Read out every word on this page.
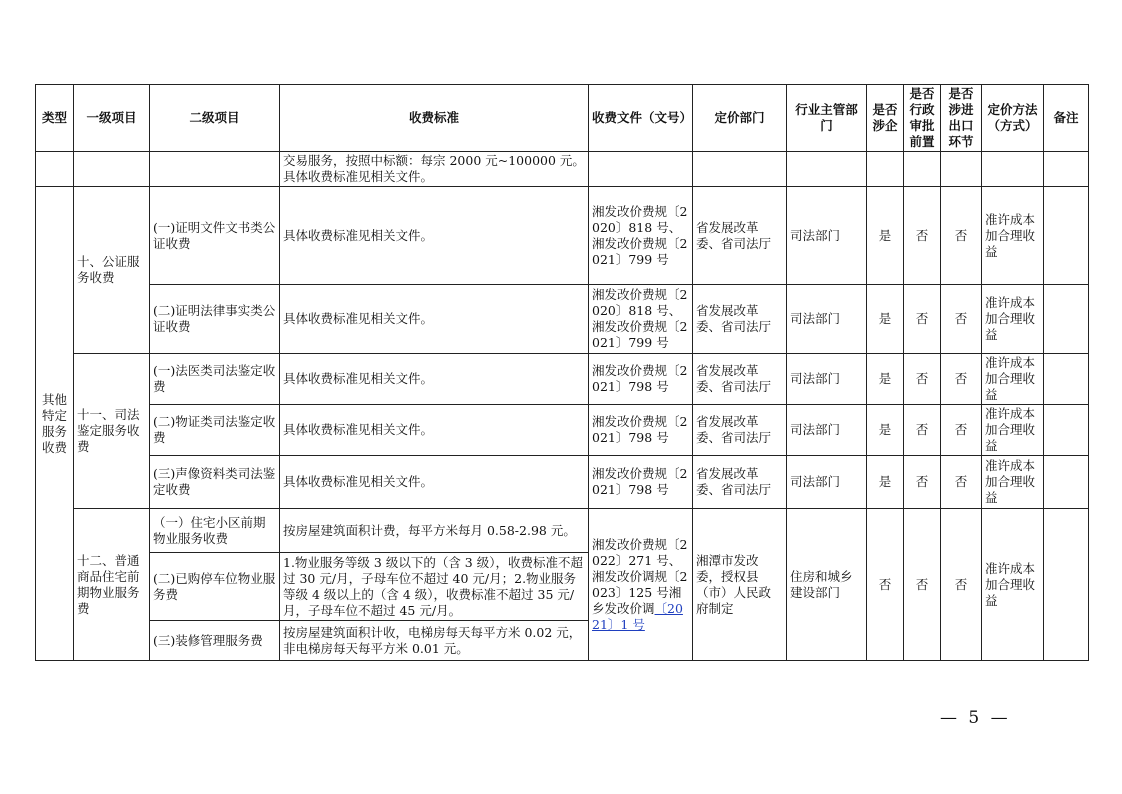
类型	一级项目	二级项目	收费标准	收费文件（文号）	定价部门	行业主管部门	是否涉企	是否行政审批前置	是否涉进出口环节	定价方法（方式）	备注
			交易服务，按照中标额：每宗 2000 元~100000 元。具体收费标准见相关文件。								
其他特定服务收费	十、公证服务收费	(一)证明文件文书类公证收费	具体收费标准见相关文件。	湘发改价费规〔2020〕818 号、湘发改价费规〔2021〕799 号	省发展改革委、省司法厅	司法部门	是	否	否	准许成本加合理收益	
		(二)证明法律事实类公证收费	具体收费标准见相关文件。	湘发改价费规〔2020〕818 号、湘发改价费规〔2021〕799 号	省发展改革委、省司法厅	司法部门	是	否	否	准许成本加合理收益	
	十一、司法鉴定服务收费	(一)法医类司法鉴定收费	具体收费标准见相关文件。	湘发改价费规〔2021〕798 号	省发展改革委、省司法厅	司法部门	是	否	否	准许成本加合理收益	
		(二)物证类司法鉴定收费	具体收费标准见相关文件。	湘发改价费规〔2021〕798 号	省发展改革委、省司法厅	司法部门	是	否	否	准许成本加合理收益	
		(三)声像资料类司法鉴定收费	具体收费标准见相关文件。	湘发改价费规〔2021〕798 号	省发展改革委、省司法厅	司法部门	是	否	否	准许成本加合理收益	
	十二、普通商品住宅前期物业服务费	（一）住宅小区前期物业服务收费	按房屋建筑面积计费，每平方米每月 0.58-2.98 元。	湘发改价费规〔2022〕271 号、湘发改价调规〔2023〕125 号湘乡发改价调〔2021〕1 号	湘潭市发改委，授权县（市）人民政府制定	住房和城乡建设部门	否	否	否	准许成本加合理收益	
		(二)已购停车位物业服务费	1.物业服务等级 3 级以下的（含 3 级），收费标准不超过 30 元/月，子母车位不超过 40 元/月；2.物业服务等级 4 级以上的（含 4 级），收费标准不超过 35 元/月，子母车位不超过 45 元/月。								
		(三)装修管理服务费	按房屋建筑面积计收，电梯房每天每平方米 0.02 元，非电梯房每天每平方米 0.01 元。								
— 5 —
